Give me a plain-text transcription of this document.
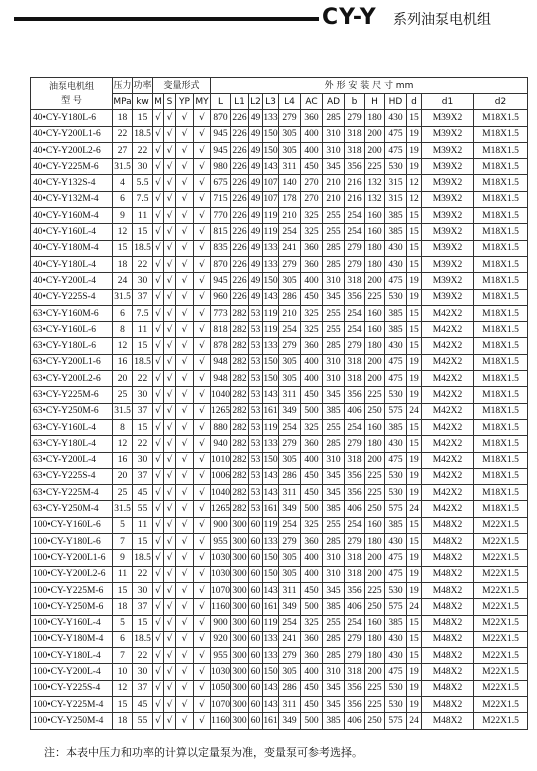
CY-Y 系列油泵电机组
油泵电机组
型 号	压力	功率	变量形式				外 形 安 装 尺 寸 mm												
	MPa	kw	M	S	YP	MY	L	L1	L2	L3	L4	AC	AD	b	H	HD	d	d1	d2
40•CY-Y180L-6	18	15	√	√	√	√	870	226	49	133	279	360	285	279	180	430	15	M39X2	M18X1.5
40•CY-Y200L1-6	22	18.5	√	√	√	√	945	226	49	150	305	400	310	318	200	475	19	M39X2	M18X1.5
40•CY-Y200L2-6	27	22	√	√	√	√	945	226	49	150	305	400	310	318	200	475	19	M39X2	M18X1.5
40•CY-Y225M-6	31.5	30	√	√	√	√	980	226	49	143	311	450	345	356	225	530	19	M39X2	M18X1.5
40•CY-Y132S-4	4	5.5	√	√	√	√	675	226	49	107	140	270	210	216	132	315	12	M39X2	M18X1.5
40•CY-Y132M-4	6	7.5	√	√	√	√	715	226	49	107	178	270	210	216	132	315	12	M39X2	M18X1.5
40•CY-Y160M-4	9	11	√	√	√	√	770	226	49	119	210	325	255	254	160	385	15	M39X2	M18X1.5
40•CY-Y160L-4	12	15	√	√	√	√	815	226	49	119	254	325	255	254	160	385	15	M39X2	M18X1.5
40•CY-Y180M-4	15	18.5	√	√	√	√	835	226	49	133	241	360	285	279	180	430	15	M39X2	M18X1.5
40•CY-Y180L-4	18	22	√	√	√	√	870	226	49	133	279	360	285	279	180	430	15	M39X2	M18X1.5
40•CY-Y200L-4	24	30	√	√	√	√	945	226	49	150	305	400	310	318	200	475	19	M39X2	M18X1.5
40•CY-Y225S-4	31.5	37	√	√	√	√	960	226	49	143	286	450	345	356	225	530	19	M39X2	M18X1.5
63•CY-Y160M-6	6	7.5	√	√	√	√	773	282	53	119	210	325	255	254	160	385	15	M42X2	M18X1.5
63•CY-Y160L-6	8	11	√	√	√	√	818	282	53	119	254	325	255	254	160	385	15	M42X2	M18X1.5
63•CY-Y180L-6	12	15	√	√	√	√	878	282	53	133	279	360	285	279	180	430	15	M42X2	M18X1.5
63•CY-Y200L1-6	16	18.5	√	√	√	√	948	282	53	150	305	400	310	318	200	475	19	M42X2	M18X1.5
63•CY-Y200L2-6	20	22	√	√	√	√	948	282	53	150	305	400	310	318	200	475	19	M42X2	M18X1.5
63•CY-Y225M-6	25	30	√	√	√	√	1040	282	53	143	311	450	345	356	225	530	19	M42X2	M18X1.5
63•CY-Y250M-6	31.5	37	√	√	√	√	1265	282	53	161	349	500	385	406	250	575	24	M42X2	M18X1.5
63•CY-Y160L-4	8	15	√	√	√	√	880	282	53	119	254	325	255	254	160	385	15	M42X2	M18X1.5
63•CY-Y180L-4	12	22	√	√	√	√	940	282	53	133	279	360	285	279	180	430	15	M42X2	M18X1.5
63•CY-Y200L-4	16	30	√	√	√	√	1010	282	53	150	305	400	310	318	200	475	19	M42X2	M18X1.5
63•CY-Y225S-4	20	37	√	√	√	√	1006	282	53	143	286	450	345	356	225	530	19	M42X2	M18X1.5
63•CY-Y225M-4	25	45	√	√	√	√	1040	282	53	143	311	450	345	356	225	530	19	M42X2	M18X1.5
63•CY-Y250M-4	31.5	55	√	√	√	√	1265	282	53	161	349	500	385	406	250	575	24	M42X2	M18X1.5
100•CY-Y160L-6	5	11	√	√	√	√	900	300	60	119	254	325	255	254	160	385	15	M48X2	M22X1.5
100•CY-Y180L-6	7	15	√	√	√	√	955	300	60	133	279	360	285	279	180	430	15	M48X2	M22X1.5
100•CY-Y200L1-6	9	18.5	√	√	√	√	1030	300	60	150	305	400	310	318	200	475	19	M48X2	M22X1.5
100•CY-Y200L2-6	11	22	√	√	√	√	1030	300	60	150	305	400	310	318	200	475	19	M48X2	M22X1.5
100•CY-Y225M-6	15	30	√	√	√	√	1070	300	60	143	311	450	345	356	225	530	19	M48X2	M22X1.5
100•CY-Y250M-6	18	37	√	√	√	√	1160	300	60	161	349	500	385	406	250	575	24	M48X2	M22X1.5
100•CY-Y160L-4	5	15	√	√	√	√	900	300	60	119	254	325	255	254	160	385	15	M48X2	M22X1.5
100•CY-Y180M-4	6	18.5	√	√	√	√	920	300	60	133	241	360	285	279	180	430	15	M48X2	M22X1.5
100•CY-Y180L-4	7	22	√	√	√	√	955	300	60	133	279	360	285	279	180	430	15	M48X2	M22X1.5
100•CY-Y200L-4	10	30	√	√	√	√	1030	300	60	150	305	400	310	318	200	475	19	M48X2	M22X1.5
100•CY-Y225S-4	12	37	√	√	√	√	1050	300	60	143	286	450	345	356	225	530	19	M48X2	M22X1.5
100•CY-Y225M-4	15	45	√	√	√	√	1070	300	60	143	311	450	345	356	225	530	19	M48X2	M22X1.5
100•CY-Y250M-4	18	55	√	√	√	√	1160	300	60	161	349	500	385	406	250	575	24	M48X2	M22X1.5
注：本表中压力和功率的计算以定量泵为准，变量泵可参考选择。
